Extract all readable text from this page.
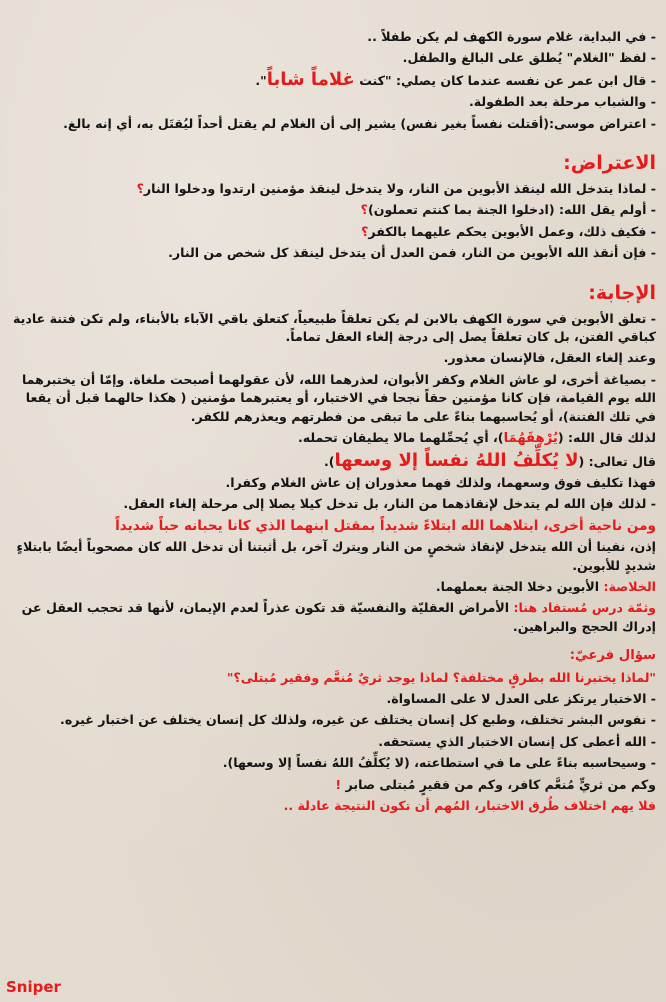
- في البداية، غلام سورة الكهف لم يكن طفلاً ..
- لفظ "الغلام" يُطلق على البالغ والطفل.
- قال ابن عمر عن نفسه عندما كان يصلي: "كنت غلاماً شاباً".
- والشباب مرحلة بعد الطفولة.
- اعتراض موسى:(أقتلت نفساً بغير نفس) يشير إلى أن الغلام لم يقتل أحداً ليُقتَل به، أي إنه بالغ.
الاعتراض:
- لماذا يتدخل الله لينقذ الأبوين من النار، ولا يتدخل لينقذ مؤمنين ارتدوا ودخلوا النار؟
- أولم يقل الله: (ادخلوا الجنة بما كنتم تعملون)؟
- فكيف ذلك، وعمل الأبوين يحكم عليهما بالكفر؟
- فإن أنقذ الله الأبوين من النار، فمن العدل أن يتدخل لينقذ كل شخص من النار.
الإجابة:
- تعلق الأبوين في سورة الكهف بالابن لم يكن تعلقاً طبيعياً، كتعلق باقي الآباء بالأبناء، ولم تكن فتنة عادية كباقي الفتن، بل كان تعلقاً يصل إلى درجة إلغاء العقل تماماً.
وعند إلغاء العقل، فالإنسان معذور.
- بصياغة أخرى، لو عاش الغلام وكفر الأبوان، لعذرهما الله، لأن عقولهما أصبحت ملغاة. وإمّا أن يختبرهما الله يوم القيامة، فإن كانا مؤمنين حقاً نجحا في الاختبار، أو يعتبرهما مؤمنين ( هكذا حالهما قبل أن يقعا في تلك الفتنة)، أو يُحاسبهما بناءً على ما تبقى من فطرتهم ويعذرهم للكفر.
لذلك قال الله: (يُرْهِقَهُمَا)، أي يُحمِّلهما مالا يطيقان تحمله.
قال تعالى: (لا يُكلِّفُ اللهُ نفساً إلا وسعها).
فهذا تكليف فوق وسعهما، ولذلك فهما معذوران إن عاش الغلام وكفرا.
- لذلك فإن الله لم يتدخل لإنقاذهما من النار، بل تدخل كيلا يصلا إلى مرحلة إلغاء العقل.
ومن ناحية أخرى، ابتلاهما الله ابتلاءً شديداً بمقتل ابنهما الذي كانا يحبانه حباً شديداً
إذن، نفينا أن الله يتدخل لإنقاذ شخصٍ من النار ويترك آخر، بل أثبتنا أن تدخل الله كان مصحوباً أيضًا بابتلاءٍ شديدٍ للأبوين.
الخلاصة: الأبوين دخلا الجنة بعملهما.
وثمّة درس مُستفاد هنا: الأمراض العقليّة والنفسيّة قد تكون عذراً لعدم الإيمان، لأنها قد تحجب العقل عن إدراك الحجج والبراهين.
سؤال فرعيّ:
"لماذا يختبرنا الله بطرقٍ مختلفة؟ لماذا يوجد ثريٌ مُنعَّم وفقير مُبتلى؟"
- الاختبار يرتكز على العدل لا على المساواة.
- نفوس البشر تختلف، وطبع كل إنسان يختلف عن غيره، ولذلك كل إنسان يختلف عن اختبار غيره.
- الله أعطى كل إنسان الاختبار الذي يستحقه.
- وسيحاسبه بناءً على ما في استطاعته، (لا يُكلِّفُ اللهُ نفساً إلا وسعها).
وكم من ثريٍّ مُنعَّم كافر، وكم من فقيرٍ مُبتلى صابر !
فلا يهم اختلاف طُرق الاختبار، المُهم أن تكون النتيجة عادلة ..
Sniper
